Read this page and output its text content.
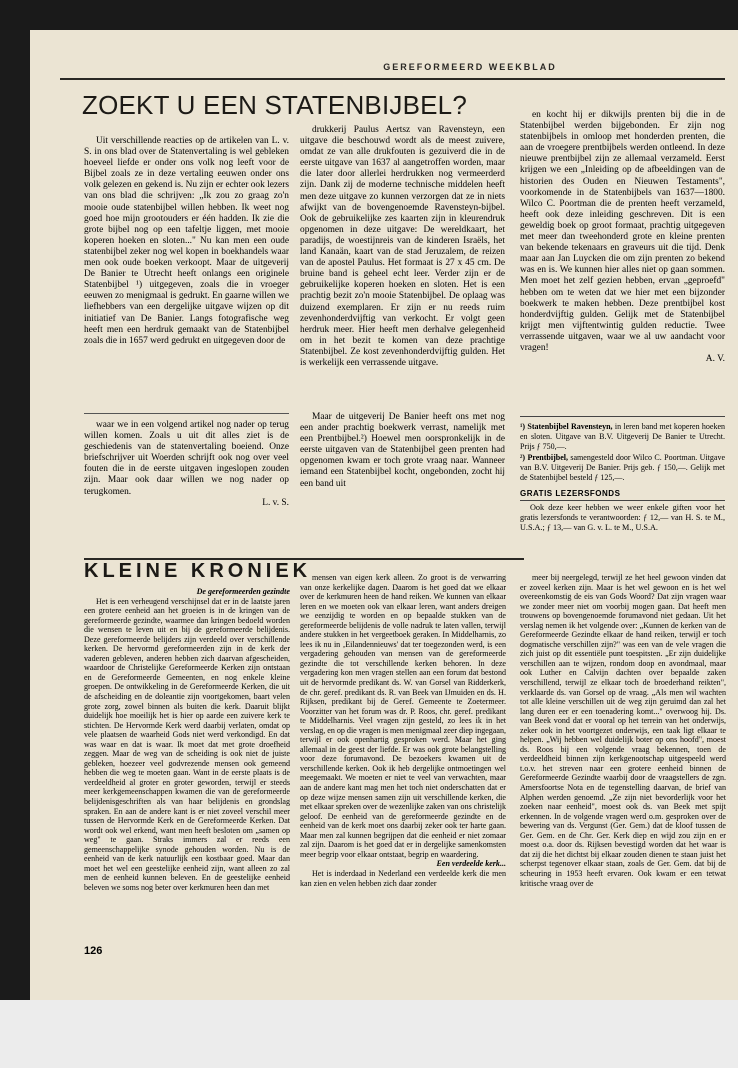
GEREFORMEERD WEEKBLAD
ZOEKT U EEN STATENBIJBEL?

Uit verschillende reacties op de artikelen van L. v. S. in ons blad over de Statenvertaling is wel gebleken hoeveel liefde er onder ons volk nog leeft voor de Bijbel zoals ze in deze vertaling eeuwen onder ons volk gelezen en gekend is. Nu zijn er echter ook lezers van ons blad die schrijven: „Ik zou zo graag zo'n mooie oude statenbijbel willen hebben. Ik weet nog goed hoe mijn grootouders er één hadden. Ik zie die grote bijbel nog op een tafeltje liggen, met mooie koperen hoeken en sloten..." Nu kan men een oude statenbijbel zeker nog wel kopen in boekhandels waar men ook oude boeken verkoopt. Maar de uitgeverij De Banier te Utrecht heeft onlangs een originele Statenbijbel ¹) uitgegeven, zoals die in vroeger eeuwen zo menigmaal is gedrukt. En gaarne willen we liefhebbers van een dergelijke uitgave wijzen op dit initiatief van De Banier. Langs fotografische weg heeft men een herdruk gemaakt van de Statenbijbel zoals die in 1657 werd gedrukt en uitgegeven door de

drukkerij Paulus Aertsz van Ravensteyn, een uitgave die beschouwd wordt als de meest zuivere, omdat ze van alle drukfouten is gezuiverd die in de eerste uitgave van 1637 al aangetroffen worden, maar die later door allerlei herdrukken nog vermeerderd zijn. Dank zij de moderne technische middelen heeft men deze uitgave zo kunnen verzorgen dat ze in niets afwijkt van de bovengenoemde Ravensteyn-bijbel. Ook de gebruikelijke zes kaarten zijn in kleurendruk opgenomen in deze uitgave: De wereldkaart, het paradijs, de woestijnreis van de kinderen Israëls, het land Kanaän, kaart van de stad Jeruzalem, de reizen van de apostel Paulus. Het formaat is 27 x 45 cm. De bruine band is geheel echt leer. Verder zijn er de gebruikelijke koperen hoeken en sloten. Het is een prachtig bezit zo'n mooie Statenbijbel. De oplaag was duizend exemplaren. Er zijn er nu reeds ruim zevenhonderdvijftig van verkocht. Er volgt geen herdruk meer. Hier heeft men derhalve gelegenheid om in het bezit te komen van deze prachtige Statenbijbel. Ze kost zevenhonderdvijftig gulden. Het is werkelijk een verrassende uitgave.

en kocht hij er dikwijls prenten bij die in de Statenbijbel werden bijgebonden. Er zijn nog statenbijbels in omloop met honderden prenten, die aan de vroegere prentbijbels werden ontleend. In deze nieuwe prentbijbel zijn ze allemaal verzameld. Eerst krijgen we een „Inleiding op de afbeeldingen van de historien des Ouden en Nieuwen Testaments", voorkomende in de Statenbijbels van 1637—1800. Wilco C. Poortman die de prenten heeft verzameld, heeft ook deze inleiding geschreven. Dit is een geweldig boek op groot formaat, prachtig uitgegeven met meer dan tweehonderd grote en kleine prenten van bekende tekenaars en graveurs uit die tijd. Denk maar aan Jan Luycken die om zijn prenten zo bekend was en is. We kunnen hier alles niet op gaan sommen. Men moet het zelf gezien hebben, ervan „geproefd" hebben om te weten dat we hier met een bijzonder boekwerk te maken hebben. Deze prentbijbel kost honderdvijftig gulden. Gelijk met de Statenbijbel krijgt men vijftentwintig gulden reductie. Twee verrassende uitgaven, waar we al uw aandacht voor vragen!

A. V.

waar we in een volgend artikel nog nader op terug willen komen. Zoals u uit dit alles ziet is de geschiedenis van de statenvertaling boeiend. Onze briefschrijver uit Woerden schrijft ook nog over veel fouten die in de eerste uitgaven ingeslopen zouden zijn. Maar ook daar willen we nog nader op terugkomen.

L. v. S.

Maar de uitgeverij De Banier heeft ons met nog een ander prachtig boekwerk verrast, namelijk met een Prentbijbel.²) Hoewel men oorspronkelijk in de eerste uitgaven van de Statenbijbel geen prenten had opgenomen kwam er toch grote vraag naar. Wanneer iemand een Statenbijbel kocht, ongebonden, zocht hij een band uit

¹) Statenbijbel Ravensteyn, in leren band met koperen hoeken en sloten. Uitgave van B.V. Uitgeverij De Banier te Utrecht. Prijs ƒ 750,—.

²) Prentbijbel, samengesteld door Wilco C. Poortman. Uitgave van B.V. Uitgeverij De Banier. Prijs geb. ƒ 150,—. Gelijk met de Statenbijbel besteld ƒ 125,—.

GRATIS LEZERSFONDS

Ook deze keer hebben we weer enkele giften voor het gratis lezersfonds te verantwoorden: ƒ 12,— van H. S. te M., U.S.A.; ƒ 13,— van G. v. L. te M., U.S.A.

KLEINE KRONIEK

De gereformeerden gezindte

Het is een verheugend verschijnsel dat er in de laatste jaren een grotere eenheid aan het groeien is in de kringen van de gereformeerde gezindte, waarmee dan kringen bedoeld worden die wensen te leven uit en bij de gereformeerde belijdenis. Deze gereformeerde belijders zijn verdeeld over verschillende kerken. De hervormd gereformeerden zijn in de kerk der vaderen gebleven, anderen hebben zich daarvan afgescheiden, waardoor de Christelijke Gereformeerde Kerken zijn ontstaan en de Gereformeerde Gemeenten, en nog enkele kleine groepen. De ontwikkeling in de Gereformeerde Kerken, die uit de afscheiding en de doleantie zijn voortgekomen, baart velen grote zorg, zowel binnen als buiten die kerk. Daaruit blijkt duidelijk hoe moeilijk het is hier op aarde een zuivere kerk te stichten. De Hervormde Kerk werd daarbij verlaten, omdat op vele plaatsen de waarheid Gods niet werd verkondigd. En dat was waar en dat is waar. Ik moet dat met grote droefheid zeggen. Maar de weg van de scheiding is ook niet de juiste gebleken, hoezeer veel godvrezende mensen ook gemeend hebben die weg te moeten gaan. Want in de eerste plaats is de verdeeldheid al groter en groter geworden, terwijl er steeds meer kerkgemeenschappen kwamen die van de gereformeerde belijdenisgeschriften als van haar belijdenis en grondslag spraken. En aan de andere kant is er niet zoveel verschil meer tussen de Hervormde Kerk en de Gereformeerde Kerken. Dat wordt ook wel erkend, want men heeft besloten om „samen op weg" te gaan. Straks immers zal er reeds een gemeenschappelijke synode gehouden worden. Nu is de eenheid van de kerk natuurlijk een kostbaar goed. Maar dan moet het wel een geestelijke eenheid zijn, want alleen zo zal men de eenheid kunnen beleven. En de geestelijke eenheid beleven we soms nog beter over kerkmuren heen dan met

mensen van eigen kerk alleen. Zo groot is de verwarring van onze kerkelijke dagen. Daarom is het goed dat we elkaar over de kerkmuren heen de hand reiken. We kunnen van elkaar leren en we moeten ook van elkaar leren, want anders dreigen we eenzijdig te worden en op bepaalde stukken van de gereformeerde belijdenis de volle nadruk te laten vallen, terwijl andere stukken in het vergeetboek geraken. In Middelharnis, zo lees ik nu in ‚Eilandennieuws' dat ter toegezonden werd, is een vergadering gehouden van mensen van de gereformeerde gezindte die tot verschillende kerken behoren. In deze vergadering kon men vragen stellen aan een forum dat bestond uit de hervormde predikant ds. W. van Gorsel van Ridderkerk, de chr. geref. predikant ds. R. van Beek van IJmuiden en ds. H. Rijksen, predikant bij de Geref. Gemeente te Zoetermeer. Voorzitter van het forum was dr. P. Roos, chr. geref. predikant te Middelharnis. Veel vragen zijn gesteld, zo lees ik in het verslag, en op die vragen is men menigmaal zeer diep ingegaan, terwijl er ook openhartig gesproken werd. Maar het ging allemaal in de geest der liefde. Er was ook grote belangstelling voor deze forumavond. De bezoekers kwamen uit de verschillende kerken. Ook ik heb dergelijke ontmoetingen wel meegemaakt. We moeten er niet te veel van verwachten, maar aan de andere kant mag men het toch niet onderschatten dat er op deze wijze mensen samen zijn uit verschillende kerken, die met elkaar spreken over de wezenlijke zaken van ons christelijk geloof. De eenheid van de gereformeerde gezindte en de eenheid van de kerk moet ons daarbij zeker ook ter harte gaan. Maar men zal kunnen begrijpen dat die eenheid er niet zomaar zal zijn. Daarom is het goed dat er in dergelijke samenkomsten meer begrip voor elkaar ontstaat, begrip en waardering.

Een verdeelde kerk...

Het is inderdaad in Nederland een verdeelde kerk die men kan zien en velen hebben zich daar zonder

meer bij neergelegd, terwijl ze het heel gewoon vinden dat er zoveel kerken zijn. Maar is het wel gewoon en is het wel overeenkomstig de eis van Gods Woord? Dat zijn vragen waar we zonder meer niet om voorbij mogen gaan. Dat heeft men trouwens op bovengenoemde forumavond niet gedaan. Uit het verslag nemen ik het volgende over: „Kunnen de kerken van de Gereformeerde Gezindte elkaar de hand reiken, terwijl er toch dogmatische verschillen zijn?" was een van de vele vragen die zich juist op dit essentiële punt toespitsten. „Er zijn duidelijke verschillen aan te wijzen, rondom doop en avondmaal, maar ook Luther en Calvijn dachten over bepaalde zaken verschillend, terwijl ze elkaar toch de broederhand reikten", verklaarde ds. van Gorsel op de vraag. „Als men wil wachten tot alle kleine verschillen uit de weg zijn geruimd dan zal het lang duren eer er een toenadering komt..." overwoog hij. Ds. van Beek vond dat er vooral op het terrein van het onderwijs, zeker ook in het voortgezet onderwijs, een taak ligt elkaar te helpen. „Wij hebben wel duidelijk boter op ons hoofd", moest ds. Roos bij een volgende vraag bekennen, toen de verdeeldheid binnen zijn kerkgenootschap uitgespeeld werd t.o.v. het streven naar een grotere eenheid binnen de Gereformeerde Gezindte waarbij door de vraagstellers de zgn. Amersfoortse Nota en de tegenstelling daarvan, de brief van Alphen werden genoemd. „Ze zijn niet bevorderlijk voor het zoeken naar eenheid", moest ook ds. van Beek met spijt erkennen. In de volgende vragen werd o.m. gesproken over de bewering van ds. Vergunst (Ger. Gem.) dat de kloof tussen de Ger. Gem. en de Chr. Ger. Kerk diep en wijd zou zijn en er moest o.a. door ds. Rijksen bevestigd worden dat het waar is dat zij die het dichtst bij elkaar zouden dienen te staan juist het scherpst tegenover elkaar staan, zoals de Ger. Gem. dat bij de scheuring in 1953 heeft ervaren. Ook kwam er een tetwat kritische vraag over de

126
